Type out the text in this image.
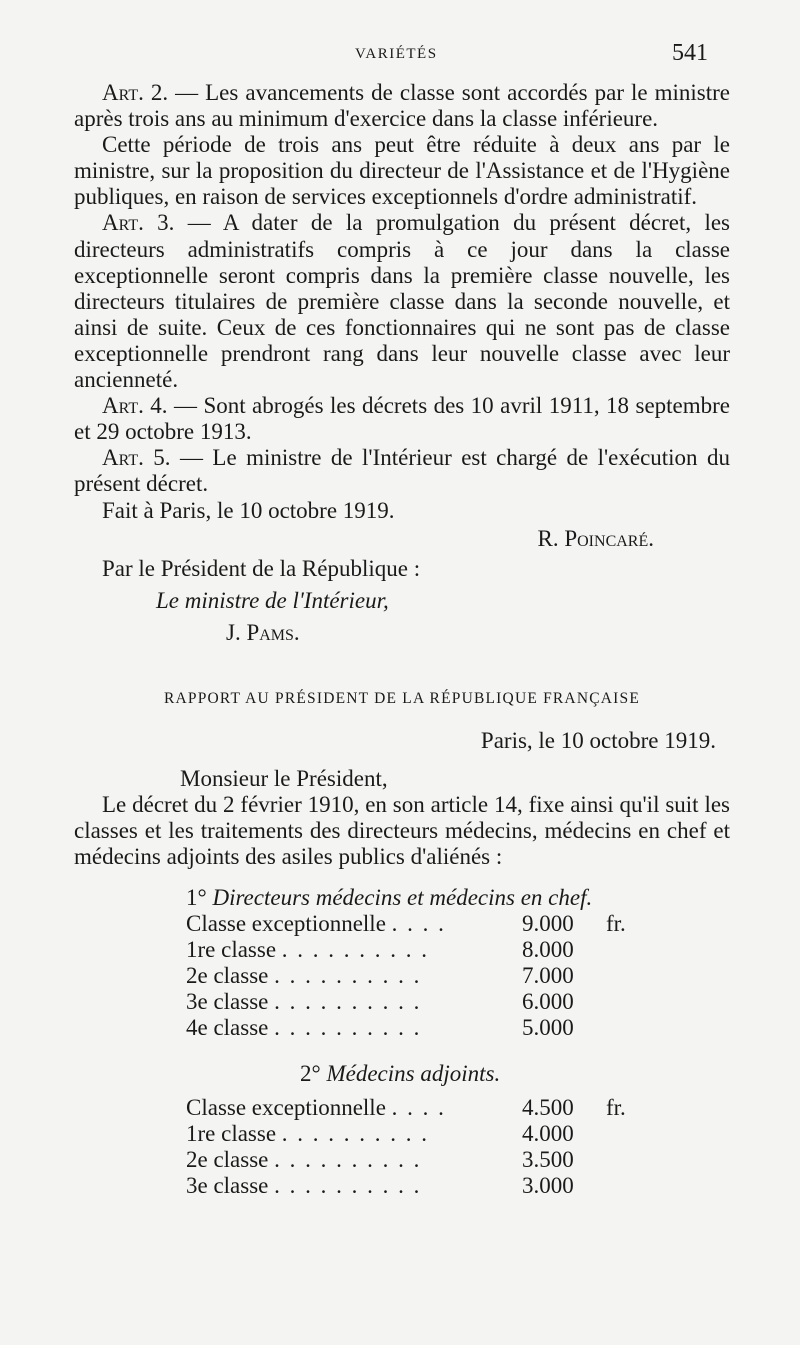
VARIÉTÉS	541

Art. 2. — Les avancements de classe sont accordés par le ministre après trois ans au minimum d'exercice dans la classe inférieure.

Cette période de trois ans peut être réduite à deux ans par le ministre, sur la proposition du directeur de l'Assistance et de l'Hygiène publiques, en raison de services exceptionnels d'ordre administratif.

Art. 3. — A dater de la promulgation du présent décret, les directeurs administratifs compris à ce jour dans la classe exceptionnelle seront compris dans la première classe nouvelle, les directeurs titulaires de première classe dans la seconde nouvelle, et ainsi de suite. Ceux de ces fonctionnaires qui ne sont pas de classe exceptionnelle prendront rang dans leur nouvelle classe avec leur ancienneté.

Art. 4. — Sont abrogés les décrets des 10 avril 1911, 18 septembre et 29 octobre 1913.

Art. 5. — Le ministre de l'Intérieur est chargé de l'exécution du présent décret.

Fait à Paris, le 10 octobre 1919.

R. Poincaré.

Par le Président de la République :

Le ministre de l'Intérieur,

J. Pams.

RAPPORT AU PRÉSIDENT DE LA RÉPUBLIQUE FRANÇAISE

Paris, le 10 octobre 1919.

Monsieur le Président,

Le décret du 2 février 1910, en son article 14, fixe ainsi qu'il suit les classes et les traitements des directeurs médecins, médecins en chef et médecins adjoints des asiles publics d'aliénés :

1° Directeurs médecins et médecins en chef.

Classe exceptionnelle . . . .	9.000	fr.
1re classe . . . . . . . . . .	8.000	
2e classe . . . . . . . . . .	7.000	
3e classe . . . . . . . . . .	6.000	
4e classe . . . . . . . . . .	5.000	

2° Médecins adjoints.

Classe exceptionnelle . . . .	4.500	fr.
1re classe . . . . . . . . . .	4.000	
2e classe . . . . . . . . . .	3.500	
3e classe . . . . . . . . . .	3.000	
